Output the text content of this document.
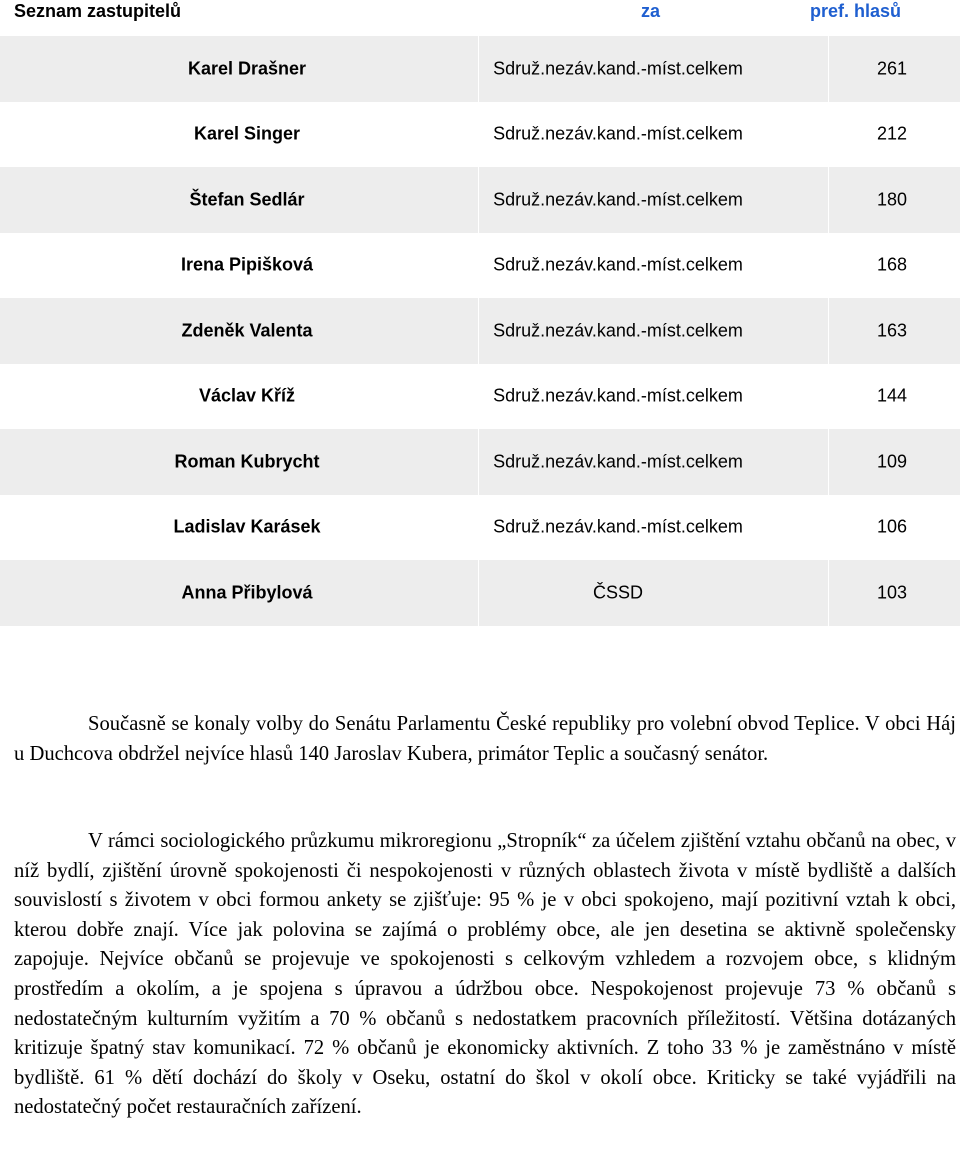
Seznam zastupitelů	za	pref. hlasů
Karel Drašner	Sdruž.nezáv.kand.-míst.celkem	261
Karel Singer	Sdruž.nezáv.kand.-míst.celkem	212
Štefan Sedlár	Sdruž.nezáv.kand.-míst.celkem	180
Irena Pipišková	Sdruž.nezáv.kand.-míst.celkem	168
Zdeněk Valenta	Sdruž.nezáv.kand.-míst.celkem	163
Václav Kříž	Sdruž.nezáv.kand.-míst.celkem	144
Roman Kubrycht	Sdruž.nezáv.kand.-míst.celkem	109
Ladislav Karásek	Sdruž.nezáv.kand.-míst.celkem	106
Anna Přibylová	ČSSD	103

Současně se konaly volby do Senátu Parlamentu České republiky pro volební obvod Teplice. V obci Háj u Duchcova obdržel nejvíce hlasů 140 Jaroslav Kubera, primátor Teplic a současný senátor.

V rámci sociologického průzkumu mikroregionu „Stropník“ za účelem zjištění vztahu občanů na obec, v níž bydlí, zjištění úrovně spokojenosti či nespokojenosti v různých oblastech života v místě bydliště a dalších souvislostí s životem v obci formou ankety se zjišťuje: 95 % je v obci spokojeno, mají pozitivní vztah k obci, kterou dobře znají. Více jak polovina se zajímá o problémy obce, ale jen desetina se aktivně společensky zapojuje. Nejvíce občanů se projevuje ve spokojenosti s celkovým vzhledem a rozvojem obce, s klidným prostředím a okolím, a je spojena s úpravou a údržbou obce. Nespokojenost projevuje 73 % občanů s nedostatečným kulturním vyžitím a 70 % občanů s nedostatkem pracovních příležitostí. Většina dotázaných kritizuje špatný stav komunikací. 72 % občanů je ekonomicky aktivních. Z toho 33 % je zaměstnáno v místě bydliště. 61 % dětí dochází do školy v Oseku, ostatní do škol v okolí obce. Kriticky se také vyjádřili na nedostatečný počet restauračních zařízení.
